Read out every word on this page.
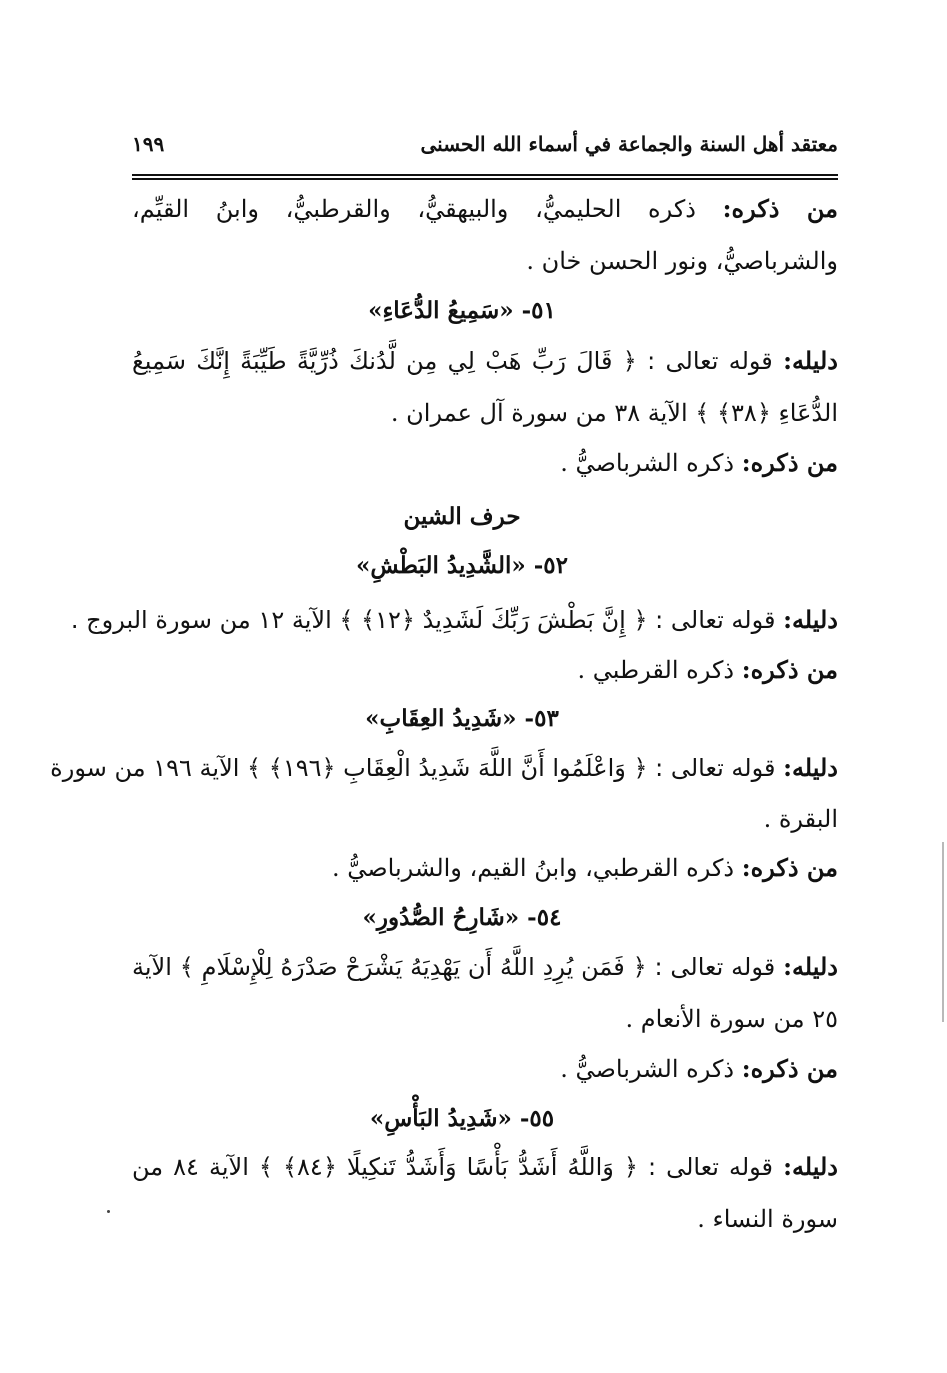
معتقد أهل السنة والجماعة في أسماء الله الحسنى
١٩٩
من ذكره: ذكره الحليميُّ، والبيهقيُّ، والقرطبيُّ، وابنُ القيِّم،
والشرباصيُّ، ونور الحسن خان .
٥١- «سَمِيعُ الدُّعَاءِ»
دليله: قوله تعالى : ﴿ قَالَ رَبِّ هَبْ لِي مِن لَّدُنكَ ذُرِّيَّةً طَيِّبَةً إِنَّكَ سَمِيعُ
الدُّعَاءِ ﴿٣٨﴾ ﴾ الآية ٣٨ من سورة آل عمران .
من ذكره: ذكره الشرباصيُّ .
حرف الشين
٥٢- «الشَّدِيدُ البَطْشِ»
دليله: قوله تعالى : ﴿ إِنَّ بَطْشَ رَبِّكَ لَشَدِيدٌ ﴿١٢﴾ ﴾ الآية ١٢ من سورة البروج .
من ذكره: ذكره القرطبي .
٥٣- «شَدِيدُ العِقَابِ»
دليله: قوله تعالى : ﴿ وَاعْلَمُوا أَنَّ اللَّهَ شَدِيدُ الْعِقَابِ ﴿١٩٦﴾ ﴾ الآية ١٩٦ من سورة
البقرة .
من ذكره: ذكره القرطبي، وابنُ القيم، والشرباصيُّ .
٥٤- «شَارِحُ الصُّدُورِ»
دليله: قوله تعالى : ﴿ فَمَن يُرِدِ اللَّهُ أَن يَهْدِيَهُ يَشْرَحْ صَدْرَهُ لِلْإِسْلَامِ ﴾ الآية
٢٥ من سورة الأنعام .
من ذكره: ذكره الشرباصيُّ .
٥٥- «شَدِيدُ البَأْسِ»
دليله: قوله تعالى : ﴿ وَاللَّهُ أَشَدُّ بَأْسًا وَأَشَدُّ تَنكِيلًا ﴿٨٤﴾ ﴾ الآية ٨٤ من
سورة النساء .
